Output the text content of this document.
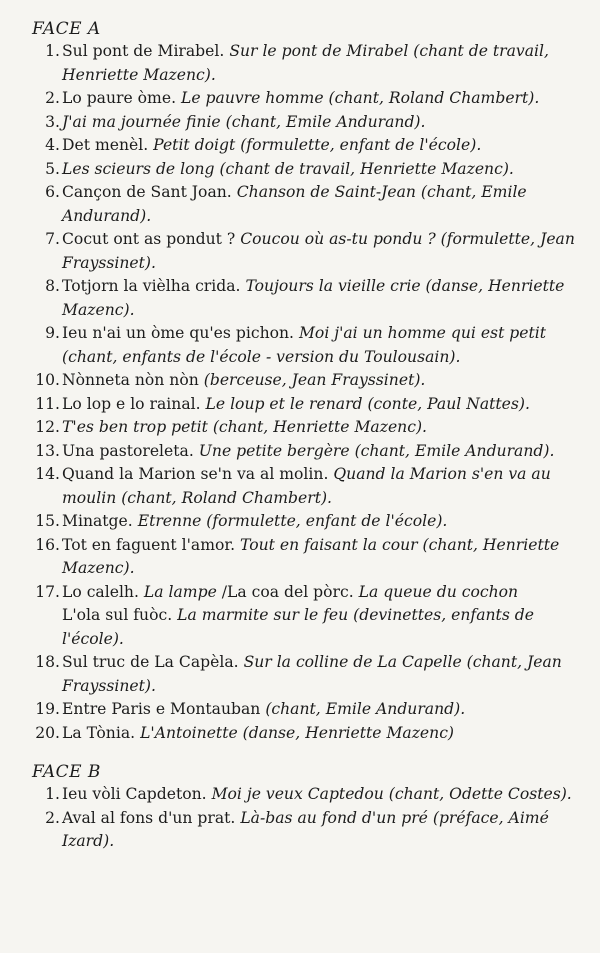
FACE A
1 . Sul pont de Mirabel. Sur le pont de Mirabel (chant de travail, Henriette Mazenc).
2 . Lo paure òme. Le pauvre homme (chant, Roland Chambert).
3 . J'ai ma journée finie (chant, Emile Andurand).
4 . Det menèl. Petit doigt (formulette, enfant de l'école).
5 . Les scieurs de long (chant de travail, Henriette Mazenc).
6 . Cançon de Sant Joan. Chanson de Saint-Jean (chant, Emile Andurand).
7 . Cocut ont as pondut ? Coucou où as-tu pondu ? (formulette, Jean Frayssinet).
8 . Totjorn la vièlha crida. Toujours la vieille crie (danse, Henriette Mazenc).
9 . Ieu n'ai un òme qu'es pichon. Moi j'ai un homme qui est petit (chant, enfants de l'école - version du Toulousain).
10 . Nònneta nòn nòn (berceuse, Jean Frayssinet).
11 . Lo lop e lo rainal. Le loup et le renard (conte, Paul Nattes).
12 . T'es ben trop petit (chant, Henriette Mazenc).
13 . Una pastoreleta. Une petite bergère (chant, Emile Andurand).
14 . Quand la Marion se'n va al molin. Quand la Marion s'en va au moulin (chant, Roland Chambert).
15 . Minatge. Etrenne (formulette, enfant de l'école).
16 . Tot en faguent l'amor. Tout en faisant la cour (chant, Henriette Mazenc).
17 . Lo calelh. La lampe /La coa del pòrc. La queue du cochon
L'ola sul fuòc. La marmite sur le feu (devinettes, enfants de l'école).
18 . Sul truc de La Capèla. Sur la colline de La Capelle (chant, Jean Frayssinet).
19 . Entre Paris e Montauban (chant, Emile Andurand).
20 . La Tònia. L'Antoinette (danse, Henriette Mazenc)
FACE B
1 . Ieu vòli Capdeton. Moi je veux Captedou (chant, Odette Costes).
2 . Aval al fons d'un prat. Là-bas au fond d'un pré (préface, Aimé Izard).
